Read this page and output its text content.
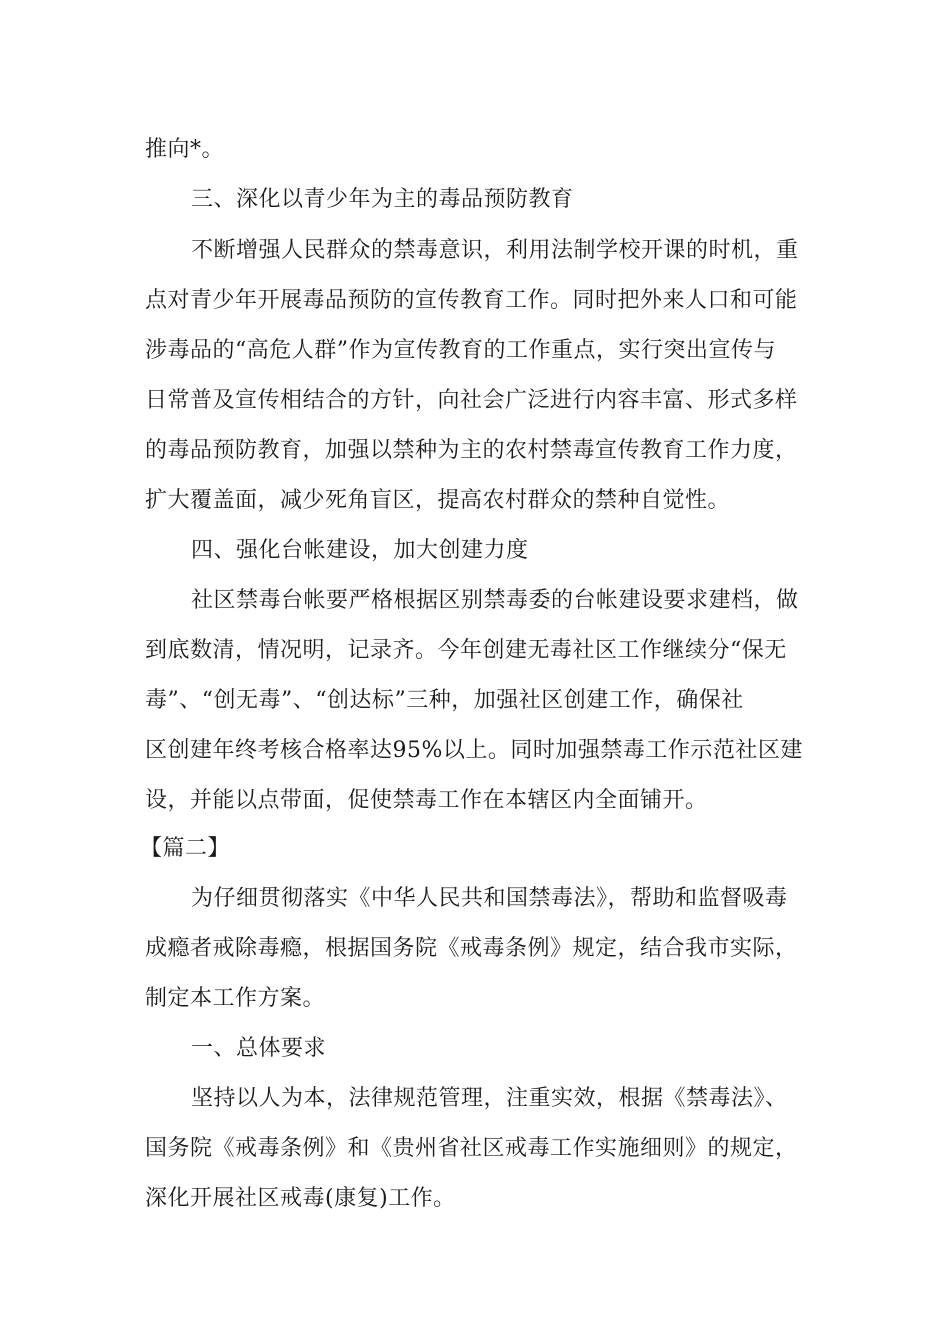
推向*。
三、深化以青少年为主的毒品预防教育
不断增强人民群众的禁毒意识，利用法制学校开课的时机，重
点对青少年开展毒品预防的宣传教育工作。同时把外来人口和可能
涉毒品的“高危人群”作为宣传教育的工作重点，实行突出宣传与
日常普及宣传相结合的方针，向社会广泛进行内容丰富、形式多样
的毒品预防教育，加强以禁种为主的农村禁毒宣传教育工作力度，
扩大覆盖面，减少死角盲区，提高农村群众的禁种自觉性。
四、强化台帐建设，加大创建力度
社区禁毒台帐要严格根据区别禁毒委的台帐建设要求建档，做
到底数清，情况明，记录齐。今年创建无毒社区工作继续分“保无
毒”、“创无毒”、“创达标”三种，加强社区创建工作，确保社
区创建年终考核合格率达95%以上。同时加强禁毒工作示范社区建
设，并能以点带面，促使禁毒工作在本辖区内全面铺开。
【篇二】
为仔细贯彻落实《中华人民共和国禁毒法》，帮助和监督吸毒
成瘾者戒除毒瘾，根据国务院《戒毒条例》规定，结合我市实际，
制定本工作方案。
一、总体要求
坚持以人为本，法律规范管理，注重实效，根据《禁毒法》、
国务院《戒毒条例》和《贵州省社区戒毒工作实施细则》的规定，
深化开展社区戒毒(康复)工作。
